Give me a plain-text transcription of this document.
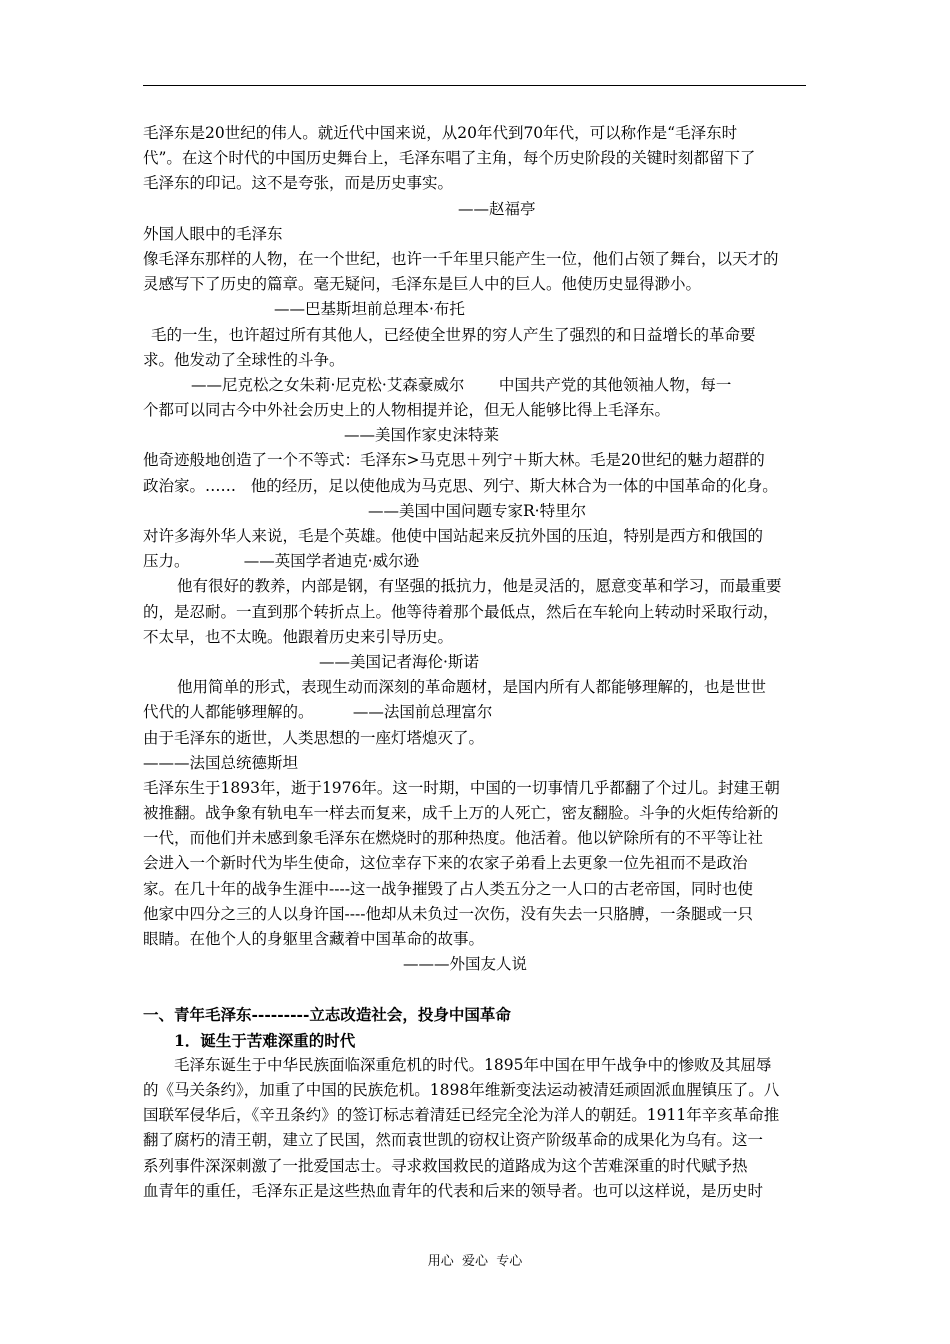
毛泽东是20世纪的伟人。就近代中国来说，从20年代到70年代，可以称作是“毛泽东时
代”。在这个时代的中国历史舞台上，毛泽东唱了主角，每个历史阶段的关键时刻都留下了
毛泽东的印记。这不是夸张，而是历史事实。
——赵福亭
外国人眼中的毛泽东
像毛泽东那样的人物，在一个世纪，也许一千年里只能产生一位，他们占领了舞台，以天才的
灵感写下了历史的篇章。毫无疑问，毛泽东是巨人中的巨人。他使历史显得渺小。
——巴基斯坦前总理本·布托
毛的一生，也许超过所有其他人，已经使全世界的穷人产生了强烈的和日益增长的革命要
求。他发动了全球性的斗争。
——尼克松之女朱莉·尼克松·艾森豪威尔       中国共产党的其他领袖人物，每一
个都可以同古今中外社会历史上的人物相提并论，但无人能够比得上毛泽东。
——美国作家史沫特莱
他奇迹般地创造了一个不等式：毛泽东>马克思＋列宁＋斯大林。毛是20世纪的魅力超群的
政治家。……   他的经历，足以使他成为马克思、列宁、斯大林合为一体的中国革命的化身。
——美国中国问题专家R·特里尔
对许多海外华人来说，毛是个英雄。他使中国站起来反抗外国的压迫，特别是西方和俄国的
压力。           ——英国学者迪克·威尔逊
他有很好的教养，内部是钢，有坚强的抵抗力，他是灵活的，愿意变革和学习，而最重要
的，是忍耐。一直到那个转折点上。他等待着那个最低点，然后在车轮向上转动时采取行动，
不太早，也不太晚。他跟着历史来引导历史。
——美国记者海伦·斯诺
他用简单的形式，表现生动而深刻的革命题材，是国内所有人都能够理解的，也是世世
代代的人都能够理解的。        ——法国前总理富尔
由于毛泽东的逝世，人类思想的一座灯塔熄灭了。
———法国总统德斯坦
毛泽东生于1893年，逝于1976年。这一时期，中国的一切事情几乎都翻了个过儿。封建王朝
被推翻。战争象有轨电车一样去而复来，成千上万的人死亡，密友翻脸。斗争的火炬传给新的
一代，而他们并未感到象毛泽东在燃烧时的那种热度。他活着。他以铲除所有的不平等让社
会进入一个新时代为毕生使命，这位幸存下来的农家子弟看上去更象一位先祖而不是政治
家。在几十年的战争生涯中----这一战争摧毁了占人类五分之一人口的古老帝国，同时也使
他家中四分之三的人以身许国----他却从未负过一次伤，没有失去一只胳膊，一条腿或一只
眼睛。在他个人的身躯里含藏着中国革命的故事。
———外国友人说
一、青年毛泽东---------立志改造社会，投身中国革命
1．诞生于苦难深重的时代
毛泽东诞生于中华民族面临深重危机的时代。1895年中国在甲午战争中的惨败及其屈辱
的《马关条约》，加重了中国的民族危机。1898年维新变法运动被清廷顽固派血腥镇压了。八
国联军侵华后，《辛丑条约》的签订标志着清廷已经完全沦为洋人的朝廷。1911年辛亥革命推
翻了腐朽的清王朝，建立了民国，然而袁世凯的窃权让资产阶级革命的成果化为乌有。这一
系列事件深深刺激了一批爱国志士。寻求救国救民的道路成为这个苦难深重的时代赋予热
血青年的重任，毛泽东正是这些热血青年的代表和后来的领导者。也可以这样说，是历史时
用心  爱心  专心
